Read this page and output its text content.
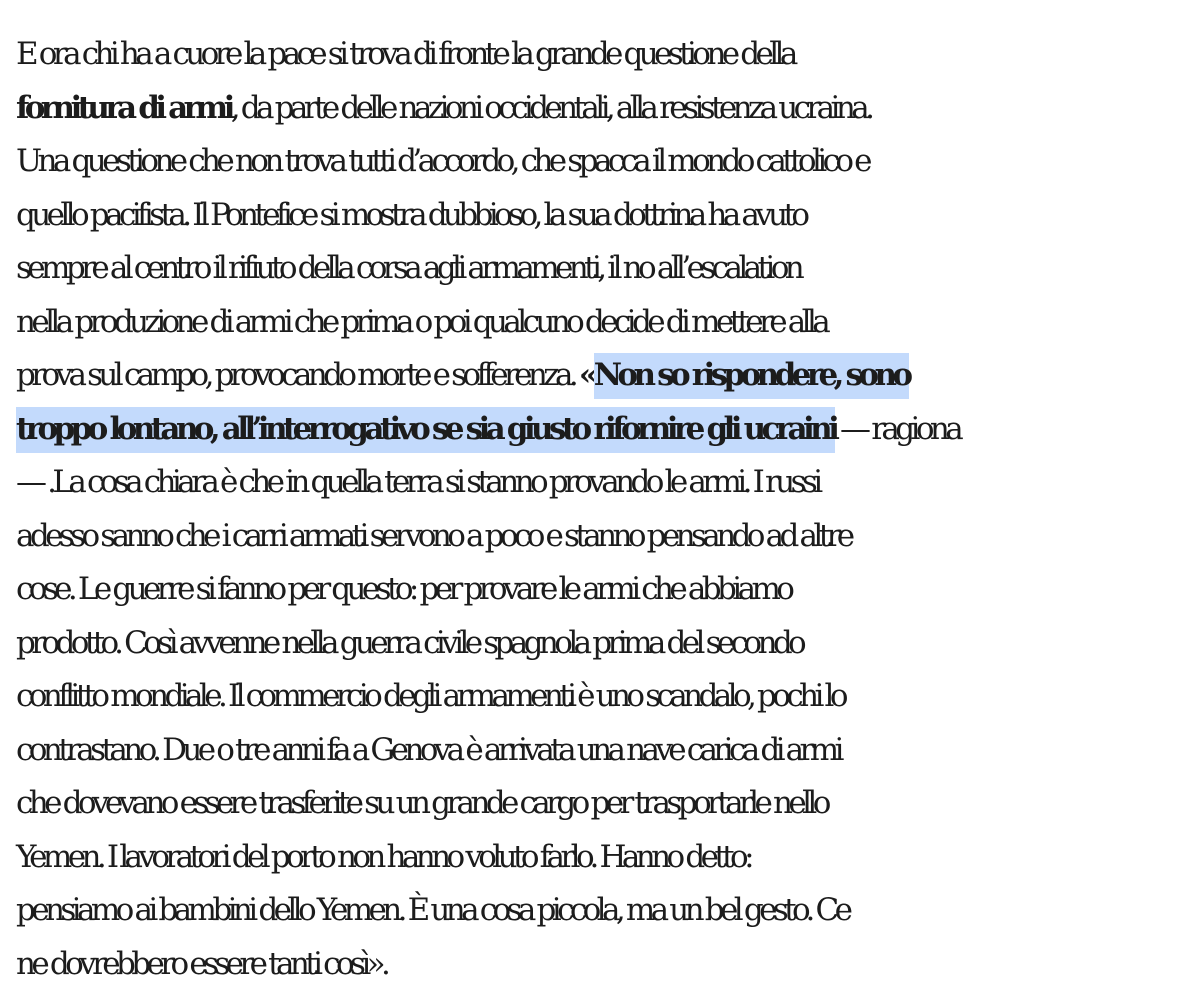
E ora chi ha a cuore la pace si trova di fronte la grande questione della
fornitura di armi, da parte delle nazioni occidentali, alla resistenza ucraina.
Una questione che non trova tutti d’accordo, che spacca il mondo cattolico e
quello pacifista. Il Pontefice si mostra dubbioso, la sua dottrina ha avuto
sempre al centro il rifiuto della corsa agli armamenti, il no all’escalation
nella produzione di armi che prima o poi qualcuno decide di mettere alla
prova sul campo, provocando morte e sofferenza. «Non so rispondere, sono
troppo lontano, all’interrogativo se sia giusto rifornire gli ucraini — ragiona
— .La cosa chiara è che in quella terra si stanno provando le armi. I russi
adesso sanno che i carri armati servono a poco e stanno pensando ad altre
cose. Le guerre si fanno per questo: per provare le armi che abbiamo
prodotto. Così avvenne nella guerra civile spagnola prima del secondo
conflitto mondiale. Il commercio degli armamenti è uno scandalo, pochi lo
contrastano. Due o tre anni fa a Genova è arrivata una nave carica di armi
che dovevano essere trasferite su un grande cargo per trasportarle nello
Yemen. I lavoratori del porto non hanno voluto farlo. Hanno detto:
pensiamo ai bambini dello Yemen. È una cosa piccola, ma un bel gesto. Ce
ne dovrebbero essere tanti così».
